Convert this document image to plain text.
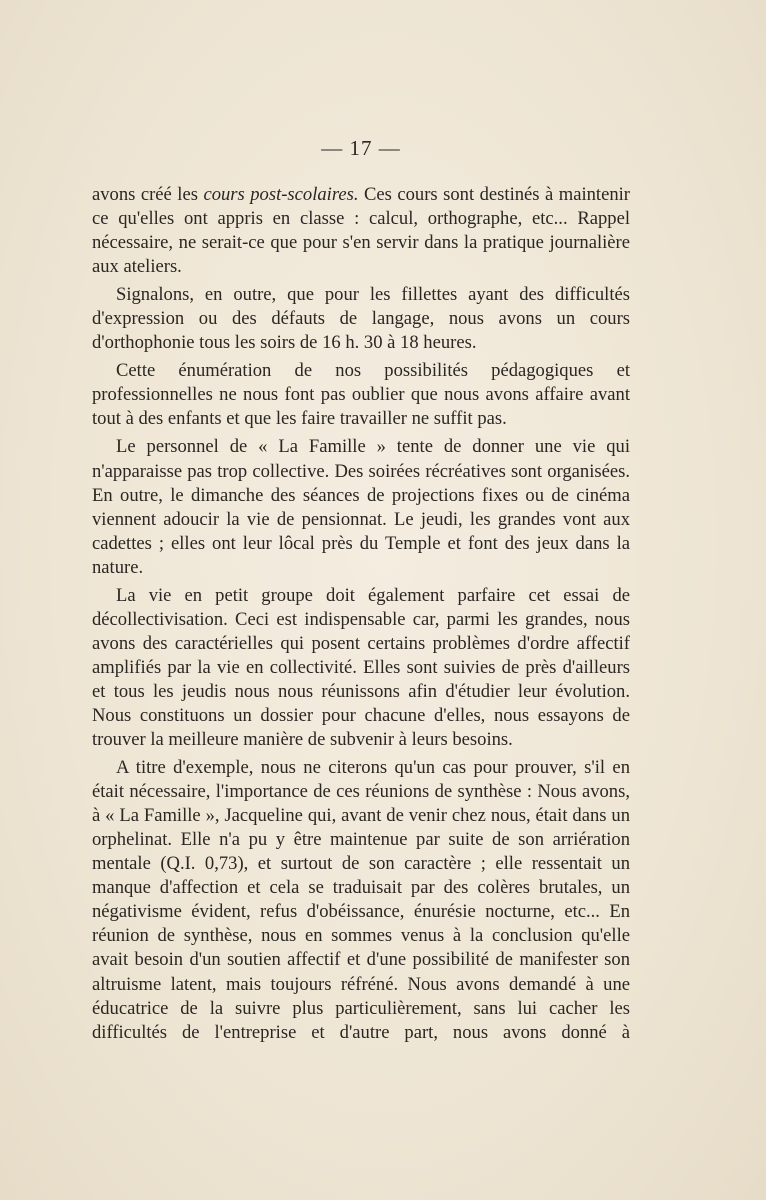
— 17 —

avons créé les cours post-scolaires. Ces cours sont destinés à maintenir ce qu'elles ont appris en classe : calcul, orthographe, etc... Rappel nécessaire, ne serait-ce que pour s'en servir dans la pratique journalière aux ateliers.

Signalons, en outre, que pour les fillettes ayant des difficultés d'expression ou des défauts de langage, nous avons un cours d'orthophonie tous les soirs de 16 h. 30 à 18 heures.

Cette énumération de nos possibilités pédagogiques et professionnelles ne nous font pas oublier que nous avons affaire avant tout à des enfants et que les faire travailler ne suffit pas.

Le personnel de « La Famille » tente de donner une vie qui n'apparaisse pas trop collective. Des soirées récréatives sont organisées. En outre, le dimanche des séances de projections fixes ou de cinéma viennent adoucir la vie de pensionnat. Le jeudi, les grandes vont aux cadettes ; elles ont leur lôcal près du Temple et font des jeux dans la nature.

La vie en petit groupe doit également parfaire cet essai de décollectivisation. Ceci est indispensable car, parmi les grandes, nous avons des caractérielles qui posent certains problèmes d'ordre affectif amplifiés par la vie en collectivité. Elles sont suivies de près d'ailleurs et tous les jeudis nous nous réunissons afin d'étudier leur évolution. Nous constituons un dossier pour chacune d'elles, nous essayons de trouver la meilleure manière de subvenir à leurs besoins.

A titre d'exemple, nous ne citerons qu'un cas pour prouver, s'il en était nécessaire, l'importance de ces réunions de synthèse : Nous avons, à « La Famille », Jacqueline qui, avant de venir chez nous, était dans un orphelinat. Elle n'a pu y être maintenue par suite de son arriération mentale (Q.I. 0,73), et surtout de son caractère ; elle ressentait un manque d'affection et cela se traduisait par des colères brutales, un négativisme évident, refus d'obéissance, énurésie nocturne, etc... En réunion de synthèse, nous en sommes venus à la conclusion qu'elle avait besoin d'un soutien affectif et d'une possibilité de manifester son altruisme latent, mais toujours réfréné. Nous avons demandé à une éducatrice de la suivre plus particulièrement, sans lui cacher les difficultés de l'entreprise et d'autre part, nous avons donné à
